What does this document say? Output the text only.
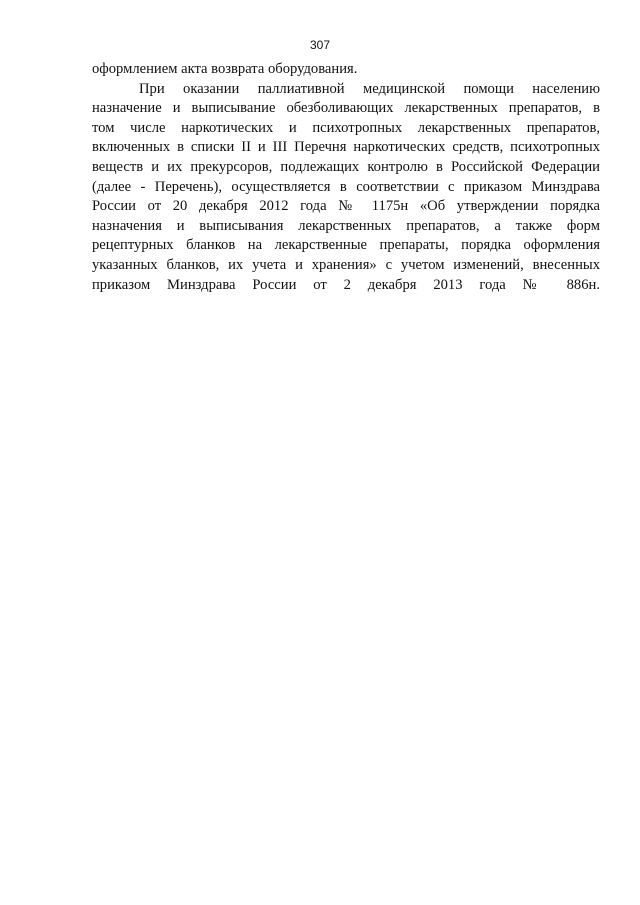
307
оформлением акта возврата оборудования.
При оказании паллиативной медицинской помощи населению
назначение и выписывание обезболивающих лекарственных препаратов, в
том числе наркотических и психотропных лекарственных препаратов,
включенных в списки II и III Перечня наркотических средств, психотропных
веществ и их прекурсоров, подлежащих контролю в Российской Федерации
(далее - Перечень), осуществляется в соответствии с приказом Минздрава
России от 20 декабря 2012 года № 1175н «Об утверждении порядка
назначения и выписывания лекарственных препаратов, а также форм
рецептурных бланков на лекарственные препараты, порядка оформления
указанных бланков, их учета и хранения» с учетом изменений, внесенных
приказом Минздрава России от 2 декабря 2013 года № 886н.
